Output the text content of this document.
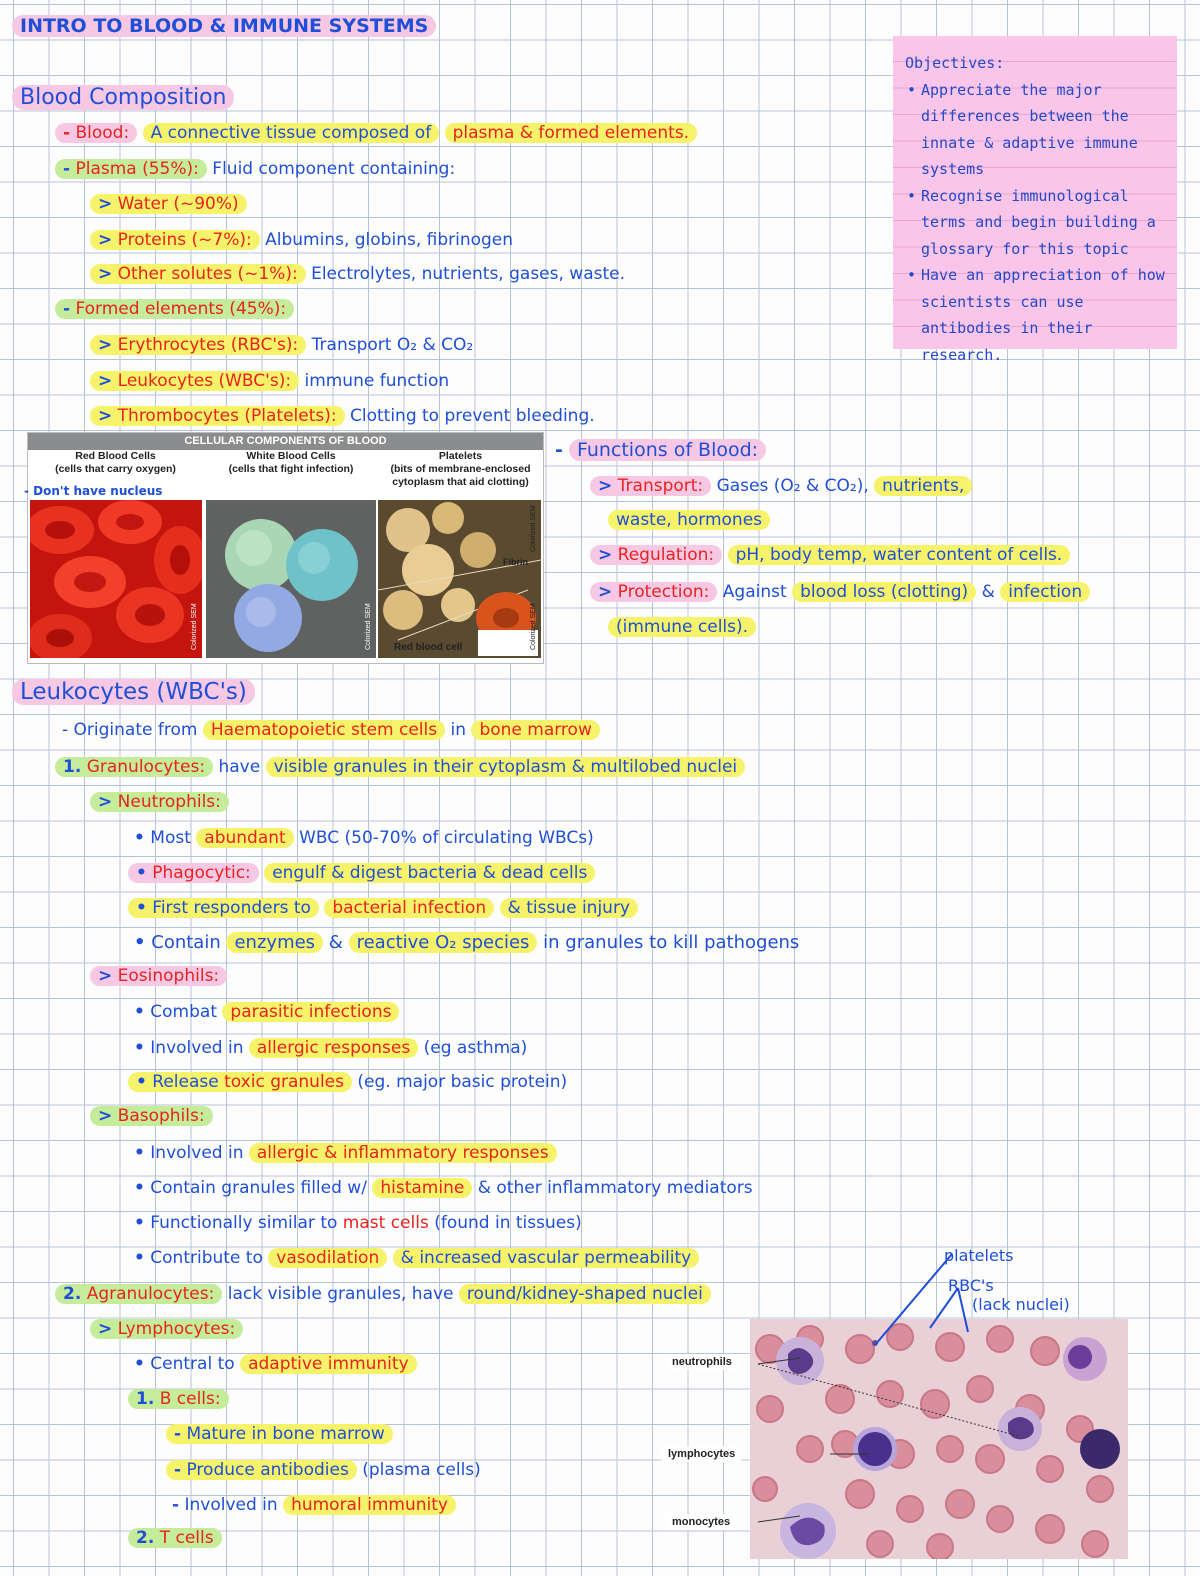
INTRO TO BLOOD & IMMUNE SYSTEMS
Objectives:
• Appreciate the major differences between the innate & adaptive immune systems
• Recognise immunological terms and begin building a glossary for this topic
• Have an appreciation of how scientists can use antibodies in their research.
Blood Composition
- Blood: A connective tissue composed of plasma & formed elements.
- Plasma (55%): Fluid component containing:
> Water (~90%)
> Proteins (~7%): Albumins, globins, fibrinogen
> Other solutes (~1%): Electrolytes, nutrients, gases, waste.
- Formed elements (45%):
> Erythrocytes (RBC's): Transport O₂ & CO₂
> Leukocytes (WBC's): immune function
> Thrombocytes (Platelets): Clotting to prevent bleeding.
CELLULAR COMPONENTS OF BLOOD
Red Blood Cells
(cells that carry oxygen)
White Blood Cells
(cells that fight infection)
Platelets
(bits of membrane-enclosed
cytoplasm that aid clotting)
- Don't have nucleus
Colorized SEM	Colorized SEM
Fibrin
Colorized SEM
Colorized SEM
Red blood cell
- Functions of Blood:
> Transport: Gases (O₂ & CO₂), nutrients,
waste, hormones
> Regulation: pH, body temp, water content of cells.
> Protection: Against blood loss (clotting) & infection
(immune cells).
Leukocytes (WBC's)
- Originate from Haematopoietic stem cells in bone marrow
1. Granulocytes: have visible granules in their cytoplasm & multilobed nuclei
> Neutrophils:
• Most abundant WBC (50-70% of circulating WBCs)
• Phagocytic: engulf & digest bacteria & dead cells
• First responders to bacterial infection & tissue injury
• Contain enzymes & reactive O₂ species in granules to kill pathogens
> Eosinophils:
• Combat parasitic infections
• Involved in allergic responses (eg asthma)
• Release toxic granules (eg. major basic protein)
> Basophils:
• Involved in allergic & inflammatory responses
• Contain granules filled w/ histamine & other inflammatory mediators
• Functionally similar to mast cells (found in tissues)
• Contribute to vasodilation & increased vascular permeability
2. Agranulocytes: lack visible granules, have round/kidney-shaped nuclei
> Lymphocytes:
• Central to adaptive immunity
1. B cells:
- Mature in bone marrow
- Produce antibodies (plasma cells)
- Involved in humoral immunity
2. T cells
neutrophils
lymphocytes
monocytes
platelets
RBC's
(lack nuclei)
